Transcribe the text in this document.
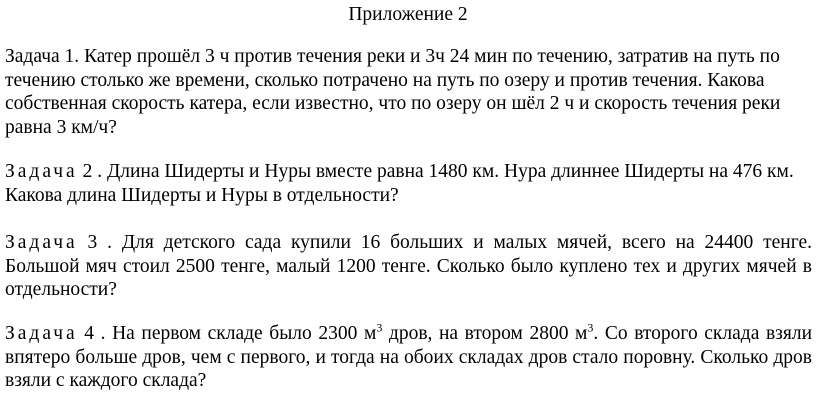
Приложение 2

Задача 1. Катер прошёл 3 ч против течения реки и 3ч 24 мин по течению, затратив на путь по течению столько же времени, сколько потрачено на путь по озеру и против течения. Какова собственная скорость катера, если известно, что по озеру он шёл 2 ч и скорость течения реки равна 3 км/ч?

Задача 2 . Длина Шидерты и Нуры вместе равна 1480 км. Нура длиннее Шидерты на 476 км. Какова длина Шидерты и Нуры в отдельности?

Задача 3 . Для детского сада купили 16 больших и малых мячей, всего на 24400 тенге. Большой мяч стоил 2500 тенге, малый 1200 тенге. Сколько было куплено тех и других мячей в отдельности?

Задача 4 . На первом складе было 2300 $м^3$ дров, на втором 2800 $м^3$. Со второго склада взяли впятеро больше дров, чем с первого, и тогда на обоих складах дров стало поровну. Сколько дров взяли с каждого склада?
